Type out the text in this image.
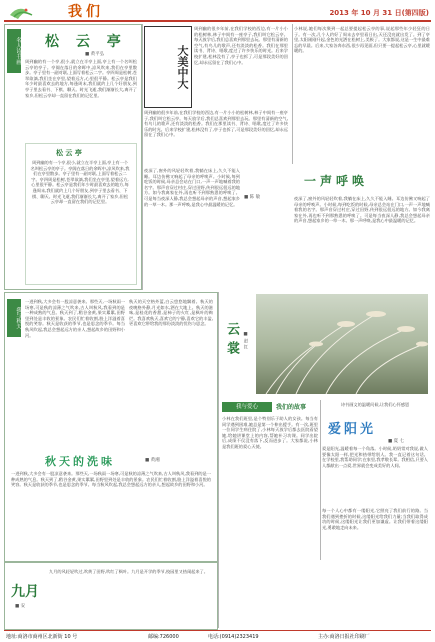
我们	2013 年 10 月 31 日(第四版)
名人诗书画 松 云 亭
■ 黄平弘
周到幽的有一个亭,很小,就立在半亭上面,亭上有一个名叫松云亭的亭子。亭阁在落日的余晖中,凉风吹来,我们在亭里散步。亭子里有一副对联,上面写着松云二字。亭四周是松树,苍翠欲滴,我们坐在亭里,望着远方,心里很平静。松云亭是我们年少时最喜欢去的地方,每逢周末,我们就约上几个好朋友,到亭子里去看书、下棋、聊天。时光飞逝,我们渐渐长大,离开了家乡,但松云亭却一直留在我们的记忆里。
松 云 亭
周到幽的有一个亭,很小,就立在半亭上面,亭上有一个名叫松云亭的亭子。亭阁在落日的余晖中,凉风吹来,我们在亭里散步。亭子里有一副对联,上面写着松云二字。亭四周是松树,苍翠欲滴,我们坐在亭里,望着远方,心里很平静。松云亭是我们年少时最喜欢去的地方,每逢周末,我们就约上几个好朋友,到亭子里去看书、下棋、聊天。时光飞逝,我们渐渐长大,离开了家乡,但松云亭却一直留在我们的记忆里。
大美中大
周到幽的很多年前,在我们学校的西边,有一片小小的松树林,林子中间有一座亭子,我们叫它松云亭。每天放学后,我们总喜欢到那里去玩。那里有清新的空气,有鸟儿的歌声,还有淡淡的松香。我们在那里读书、背诗、唱歌,度过了许多快乐的时光。后来学校扩建,松林没有了,亭子也拆了,可是那段美好的回忆,却永远留在了我们心中。
周到幽的很多年前,在我们学校的西边,有一片小小的松树林,林子中间有一座亭子,我们叫它松云亭。每天放学后,我们总喜欢到那里去玩。那里有清新的空气,有鸟儿的歌声,还有淡淡的松香。我们在那里读书、背诗、唱歌,度过了许多快乐的时光。后来学校扩建,松林没有了,亭子也拆了,可是那段美好的回忆,却永远留在了我们心中。
小林说,她们每次聚到一起总要提起松云亭的事,说起那些年少轻狂的日子。有一次,几个人约好了周末去亭里看日出,天还没亮就出发了。到了亭里,太阳刚刚升起,金色的光洒在松树上,美极了。大家都说,这是一生中最难忘的早晨。后来,大家各奔东西,很少再见面,但只要一提起松云亭,心里就暖暖的。
一声呼唤
■ 陈 敏
夜深了,窗外的风轻轻吹着,我躺在床上,久久不能入睡。耳边仿佛又响起了母亲的呼唤声。小时候,每到吃饭的时候,母亲总会站在门口,一声一声地喊着我的名字。那声音穿过村庄,穿过田野,传到很远很远的地方。如今我离家在外,再也听不到那熟悉的呼唤了。可是每当夜深人静,我总会想起母亲的声音,想起家乡的一草一木。那一声呼唤,是我心中最温暖的记忆。
夜深了,窗外的风轻轻吹着,我躺在床上,久久不能入睡。耳边仿佛又响起了母亲的呼唤声。小时候,每到吃饭的时候,母亲总会站在门口,一声一声地喊着我的名字。那声音穿过村庄,穿过田野,传到很远很远的地方。如今我离家在外,再也听不到那熟悉的呼唤了。可是每当夜深人静,我总会想起母亲的声音,想起家乡的一草一木。那一声呼唤,是我心中最温暖的记忆。
我与秋天
一进到秋,大多会有一股凉意袭来。那些天,一场秋雨一场寒,可是秋的凉薄之气吹来,古人叫秋风,我看到的是一种成熟的气息。秋天到了,稻谷金黄,果实累累,田野里到处是丰收的景象。农民们忙着收割,脸上洋溢着喜悦的笑容。秋天是收获的季节,也是思念的季节。每当秋风吹起,我总会想起远方的亲人,想起故乡的田野和小河。
秋天的天空格外蓝,白云悠悠地飘着。秋天的夜晚格外静,月光如水,洒在大地上。秋天的滋味,是桂花的香甜,是柿子的火红,是枫叶的绚烂。我喜欢秋天,喜欢它的宁静,喜欢它的丰盈,更喜欢它带给我的那份淡淡的忧伤与思念。
秋天的洗味	■ 黄湘
一进到秋,大多会有一股凉意袭来。那些天,一场秋雨一场寒,可是秋的凉薄之气吹来,古人叫秋风,我看到的是一种成熟的气息。秋天到了,稻谷金黄,果实累累,田野里到处是丰收的景象。农民们忙着收割,脸上洋溢着喜悦的笑容。秋天是收获的季节,也是思念的季节。每当秋风吹起,我总会想起远方的亲人,想起故乡的田野和小河。
云裳 ■ 赵 红
我与爱心	我们的故事
小林在我们班里,是个特别乐于助人的女孩。每当有同学遇到困难,她总是第一个伸出援手。有一次,班里一位同学生病住院了,小林每天放学后都去医院看望她,给她讲课堂上的内容,帮她补习功课。同学出院后,成绩不仅没有落下,反而进步了。大家都说,小林是我们班的爱心天使。
诗书画文的温暖问候,让我们心怀感恩
爱阳光
■ 夏 七
爱是阳光,温暖着每一个角落。小时候,奶奶常对我说,做人要像太阳一样,把光和热带给别人。我一直记着这句话。在学校里,我帮助同学;在家里,我孝敬长辈。我相信,只要人人都献出一点爱,世界就会变成美好的人间。
每一个人心中都有一缕阳光,它照亮了我们前行的路。当我们遇到挫折的时候,这缕阳光给我们力量;当我们取得成功的时候,这缕阳光让我们更加谦虚。让我们带着这缕阳光,勇敢地走向未来。
九月
■ 安
九月的风轻轻吹过,吹黄了田野,吹红了枫叶。九月是开学的季节,校园里又热闹起来了。
地址:商洛市商州区北新街 10 号	邮编:726000	电话:(0914)2323419	主办:商洛日报社印刷厂
